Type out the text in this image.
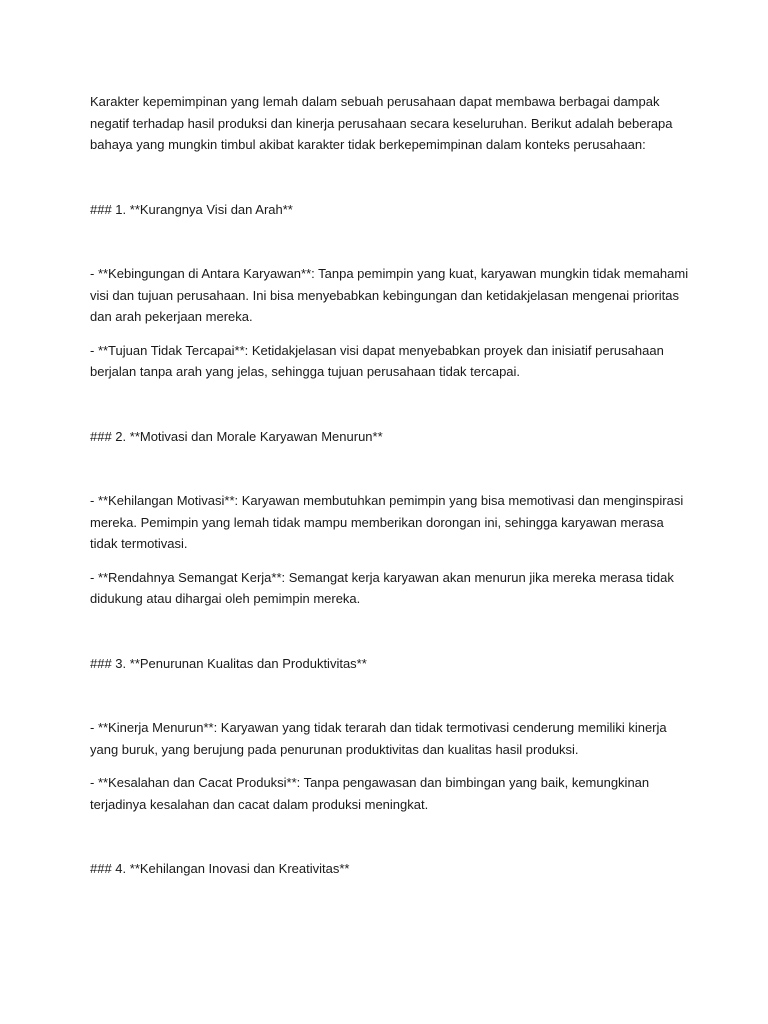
Karakter kepemimpinan yang lemah dalam sebuah perusahaan dapat membawa berbagai dampak negatif terhadap hasil produksi dan kinerja perusahaan secara keseluruhan. Berikut adalah beberapa bahaya yang mungkin timbul akibat karakter tidak berkepemimpinan dalam konteks perusahaan:

### 1. **Kurangnya Visi dan Arah**

- **Kebingungan di Antara Karyawan**: Tanpa pemimpin yang kuat, karyawan mungkin tidak memahami visi dan tujuan perusahaan. Ini bisa menyebabkan kebingungan dan ketidakjelasan mengenai prioritas dan arah pekerjaan mereka.

- **Tujuan Tidak Tercapai**: Ketidakjelasan visi dapat menyebabkan proyek dan inisiatif perusahaan berjalan tanpa arah yang jelas, sehingga tujuan perusahaan tidak tercapai.

### 2. **Motivasi dan Morale Karyawan Menurun**

- **Kehilangan Motivasi**: Karyawan membutuhkan pemimpin yang bisa memotivasi dan menginspirasi mereka. Pemimpin yang lemah tidak mampu memberikan dorongan ini, sehingga karyawan merasa tidak termotivasi.

- **Rendahnya Semangat Kerja**: Semangat kerja karyawan akan menurun jika mereka merasa tidak didukung atau dihargai oleh pemimpin mereka.

### 3. **Penurunan Kualitas dan Produktivitas**

- **Kinerja Menurun**: Karyawan yang tidak terarah dan tidak termotivasi cenderung memiliki kinerja yang buruk, yang berujung pada penurunan produktivitas dan kualitas hasil produksi.

- **Kesalahan dan Cacat Produksi**: Tanpa pengawasan dan bimbingan yang baik, kemungkinan terjadinya kesalahan dan cacat dalam produksi meningkat.

### 4. **Kehilangan Inovasi dan Kreativitas**
